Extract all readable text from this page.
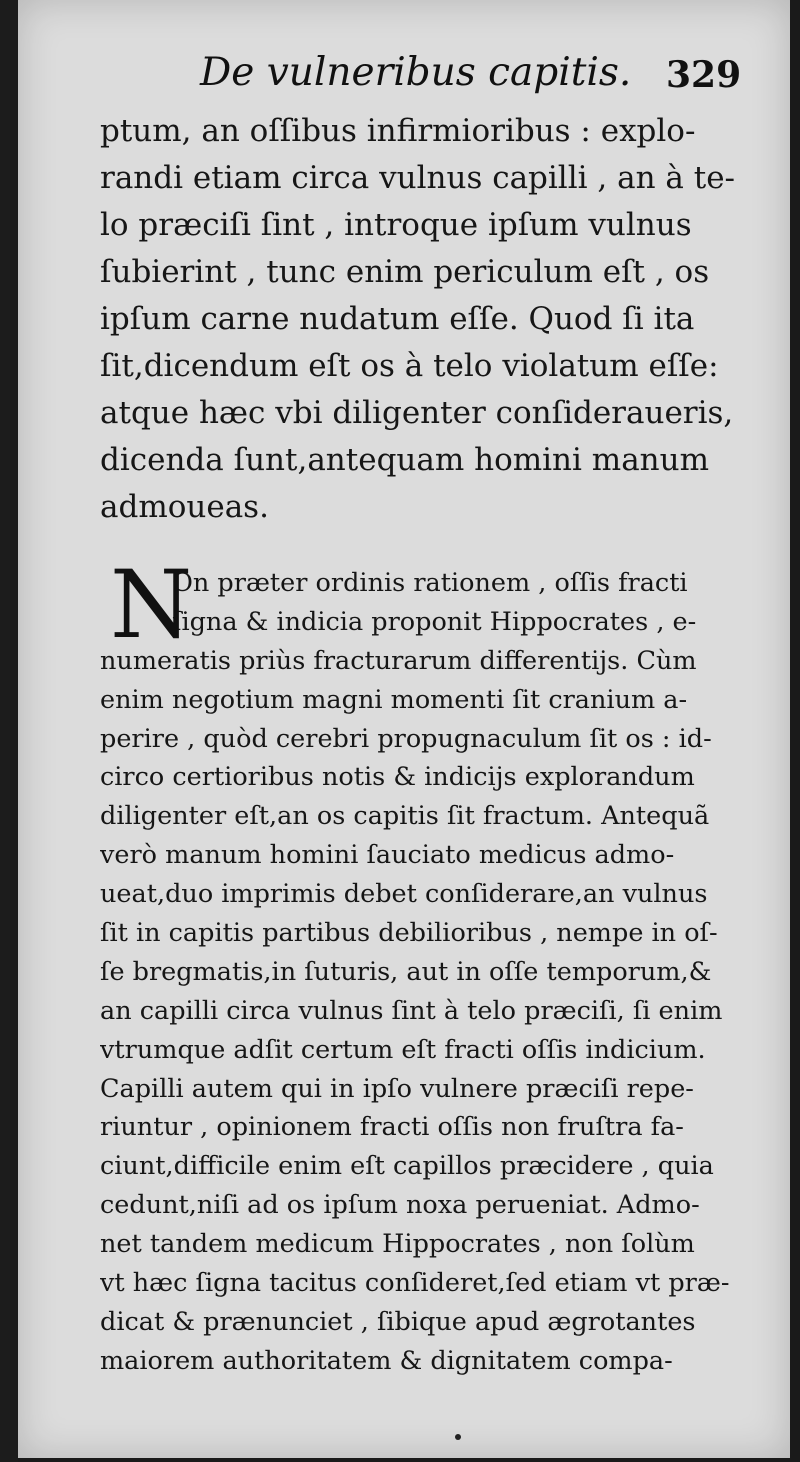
De vulneribus capitis. 329
ptum, an oſſibus infirmioribus : explo-
randi etiam circa vulnus capilli , an à te-
lo præciſi ſint , introque ipſum vulnus
ſubierint , tunc enim periculum eſt , os
ipſum carne nudatum eſſe. Quod ſi ita
ſit,dicendum eſt os à telo violatum eſſe:
atque hæc vbi diligenter conſideraueris,
dicenda ſunt,antequam homini manum
admoueas.
N
On præter ordinis rationem , oſſis fracti
ſigna & indicia proponit Hippocrates , e-
numeratis priùs fracturarum differentijs. Cùm
enim negotium magni momenti ſit cranium a-
perire , quòd cerebri propugnaculum ſit os : id-
circo certioribus notis & indicijs explorandum
diligenter eſt,an os capitis ſit fractum. Antequã
verò manum homini ſauciato medicus admo-
ueat,duo imprimis debet conſiderare,an vulnus
ſit in capitis partibus debilioribus , nempe in oſ-
ſe bregmatis,in ſuturis, aut in oſſe temporum,&
an capilli circa vulnus ſint à telo præciſi, ſi enim
vtrumque adſit certum eſt fracti oſſis indicium.
Capilli autem qui in ipſo vulnere præciſi repe-
riuntur , opinionem fracti oſſis non fruſtra fa-
ciunt,difficile enim eſt capillos præcidere , quia
cedunt,niſi ad os ipſum noxa perueniat. Admo-
net tandem medicum Hippocrates , non ſolùm
vt hæc ſigna tacitus conſideret,ſed etiam vt præ-
dicat & prænunciet , ſibique apud ægrotantes
maiorem authoritatem & dignitatem compa-
